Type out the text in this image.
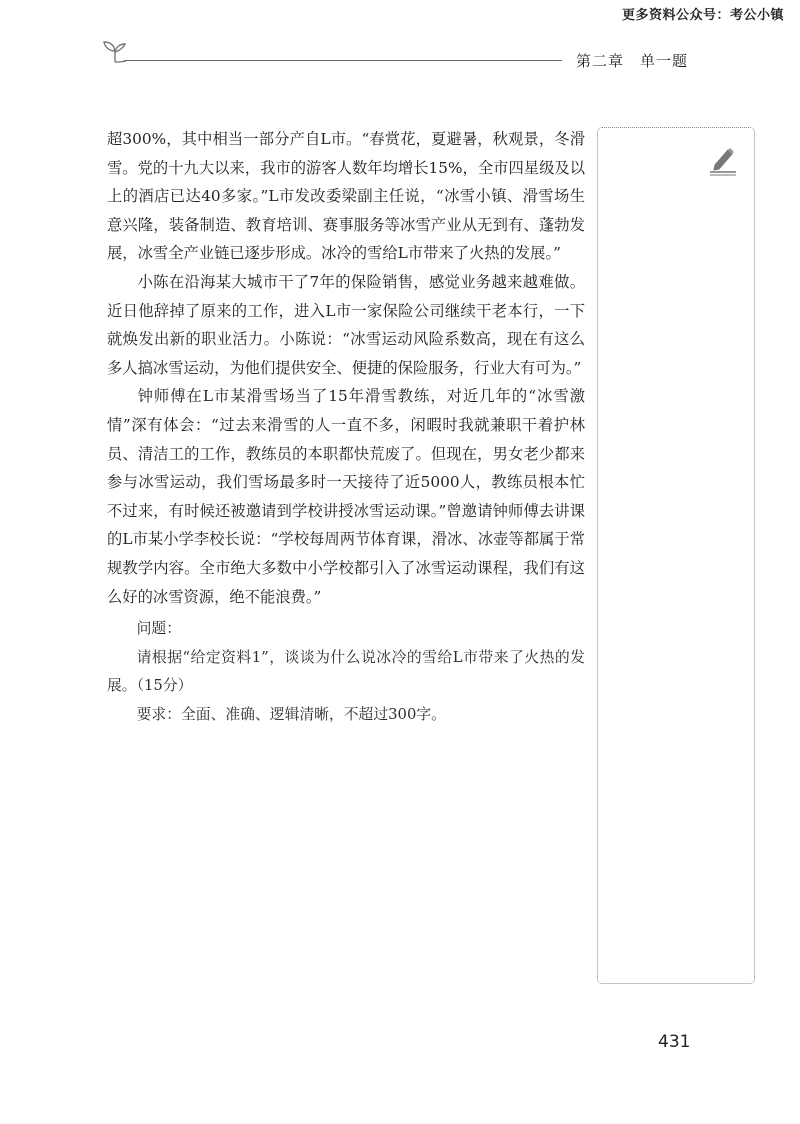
更多资料公众号：考公小镇
第二章　单一题

超300%，其中相当一部分产自L市。“春赏花，夏避暑，秋观景，冬滑雪。党的十九大以来，我市的游客人数年均增长15%，全市四星级及以上的酒店已达40多家。”L市发改委梁副主任说，“冰雪小镇、滑雪场生意兴隆，装备制造、教育培训、赛事服务等冰雪产业从无到有、蓬勃发展，冰雪全产业链已逐步形成。冰冷的雪给L市带来了火热的发展。”

小陈在沿海某大城市干了7年的保险销售，感觉业务越来越难做。近日他辞掉了原来的工作，进入L市一家保险公司继续干老本行，一下就焕发出新的职业活力。小陈说：“冰雪运动风险系数高，现在有这么多人搞冰雪运动，为他们提供安全、便捷的保险服务，行业大有可为。”

钟师傅在L市某滑雪场当了15年滑雪教练，对近几年的“冰雪激情”深有体会：“过去来滑雪的人一直不多，闲暇时我就兼职干着护林员、清洁工的工作，教练员的本职都快荒废了。但现在，男女老少都来参与冰雪运动，我们雪场最多时一天接待了近5000人，教练员根本忙不过来，有时候还被邀请到学校讲授冰雪运动课。”曾邀请钟师傅去讲课的L市某小学李校长说：“学校每周两节体育课，滑冰、冰壶等都属于常规教学内容。全市绝大多数中小学校都引入了冰雪运动课程，我们有这么好的冰雪资源，绝不能浪费。”

问题：

请根据“给定资料1”，谈谈为什么说冰冷的雪给L市带来了火热的发展。（15分）

要求：全面、准确、逻辑清晰，不超过300字。

431
